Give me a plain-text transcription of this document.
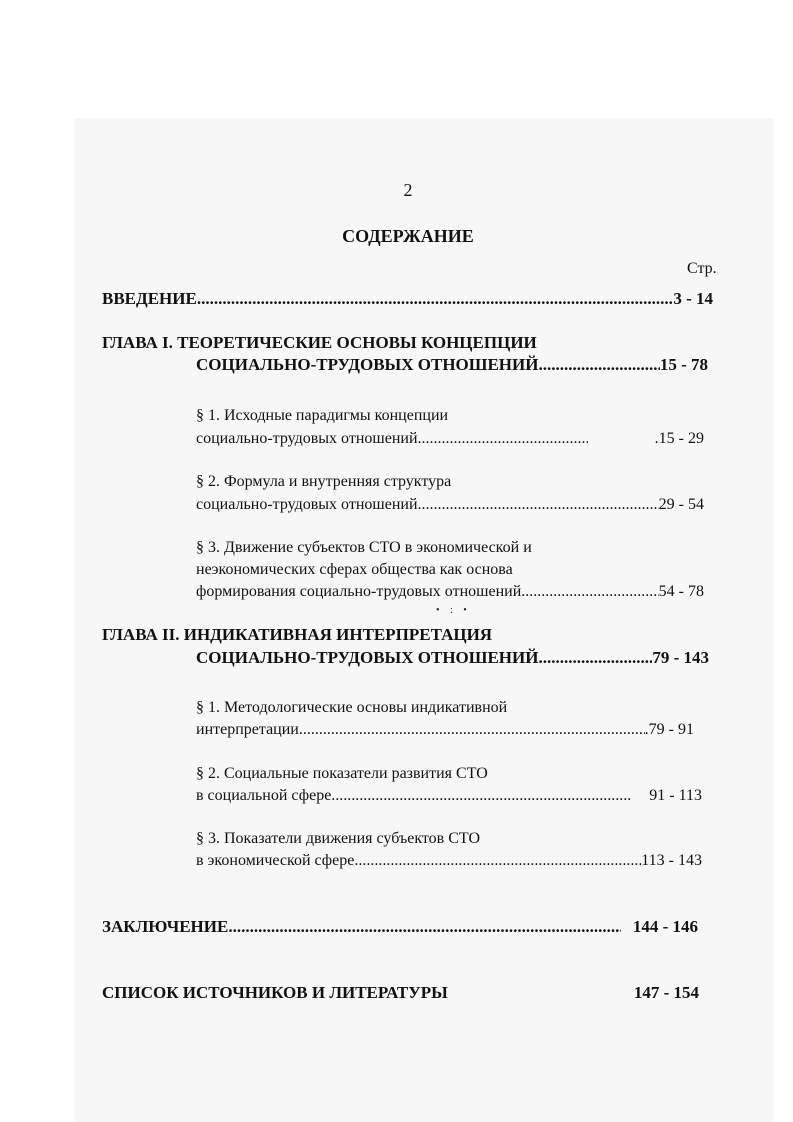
2
СОДЕРЖАНИЕ
Стр.
ВВЕДЕНИЕ .....	3 - 14
ГЛАВА I. ТЕОРЕТИЧЕСКИЕ ОСНОВЫ КОНЦЕПЦИИ
СОЦИАЛЬНО-ТРУДОВЫХ ОТНОШЕНИЙ .....	15 - 78
§ 1. Исходные парадигмы концепции
социально-трудовых отношений .....	.15 - 29
§ 2. Формула и внутренняя структура
социально-трудовых отношений .....	29 - 54
§ 3. Движение субъектов СТО в экономической и
неэкономических сферах общества как основа
формирования социально-трудовых отношений .....	54 - 78
• : •
ГЛАВА II. ИНДИКАТИВНАЯ ИНТЕРПРЕТАЦИЯ
СОЦИАЛЬНО-ТРУДОВЫХ ОТНОШЕНИЙ .....	79 - 143
§ 1. Методологические основы индикативной
интерпретации .....	.79 - 91
§ 2. Социальные показатели развития СТО
в социальной сфере .....	91 - 113
§ 3. Показатели движения субъектов СТО
в экономической сфере .....	113 - 143
ЗАКЛЮЧЕНИЕ .....	144 - 146
СПИСОК ИСТОЧНИКОВ И ЛИТЕРАТУРЫ	147 - 154
